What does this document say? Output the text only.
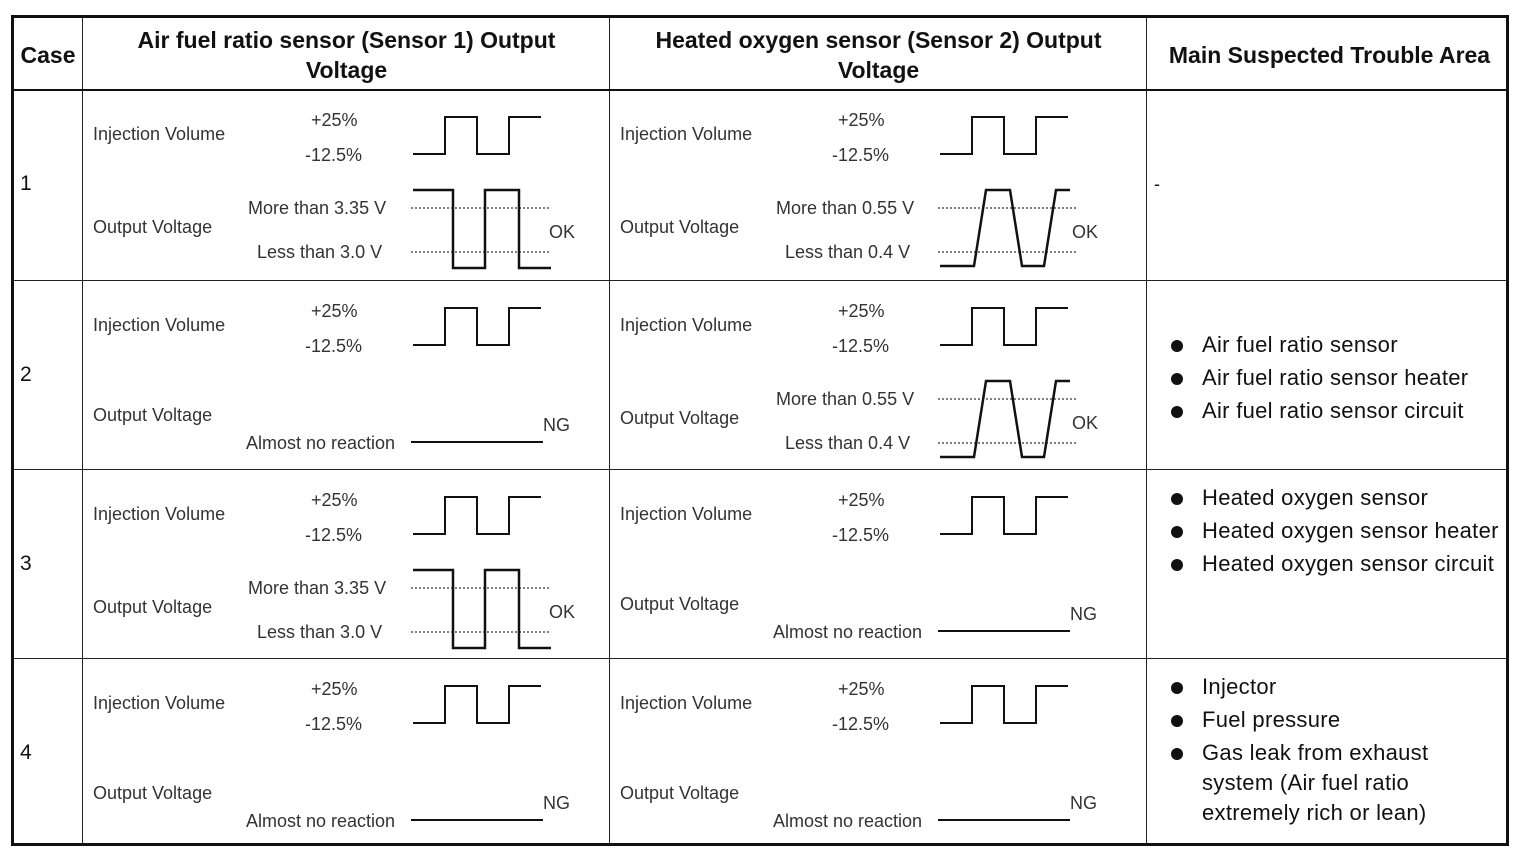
Case
Air fuel ratio sensor (Sensor 1) Output Voltage
Heated oxygen sensor (Sensor 2) Output Voltage
Main Suspected Trouble Area
1
Injection Volume
+25%
-12.5%
Output Voltage
More than 3.35 V
Less than 3.0 V
OK
Injection Volume
+25%
-12.5%
Output Voltage
More than 0.55 V
Less than 0.4 V
OK
-
2
Injection Volume
+25%
-12.5%
Output Voltage
Almost no reaction
NG
Injection Volume
+25%
-12.5%
Output Voltage
More than 0.55 V
Less than 0.4 V
OK
Air fuel ratio sensor
Air fuel ratio sensor heater
Air fuel ratio sensor circuit
3
Injection Volume
+25%
-12.5%
Output Voltage
More than 3.35 V
Less than 3.0 V
OK
Injection Volume
+25%
-12.5%
Output Voltage
Almost no reaction
NG
Heated oxygen sensor
Heated oxygen sensor heater
Heated oxygen sensor circuit
4
Injection Volume
+25%
-12.5%
Output Voltage
Almost no reaction
NG
Injection Volume
+25%
-12.5%
Output Voltage
Almost no reaction
NG
Injector
Fuel pressure
Gas leak from exhaust system (Air fuel ratio extremely rich or lean)
